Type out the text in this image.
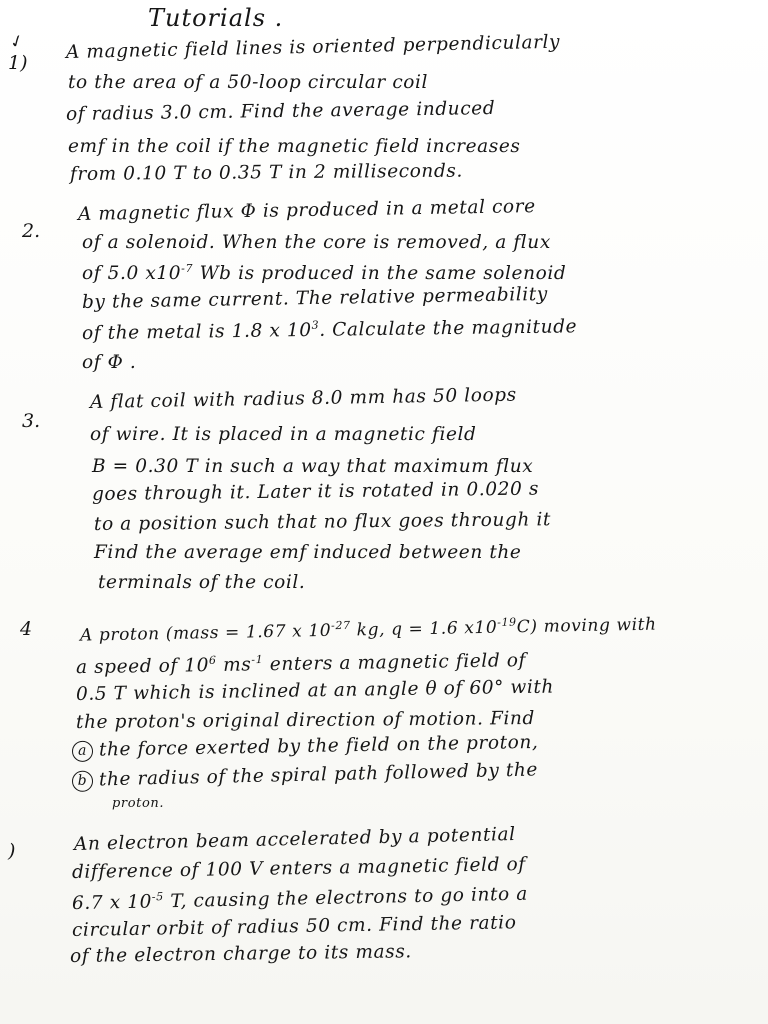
Tutorials .
✓
1)
A magnetic field lines is oriented perpendicularly
to the area of a 50-loop circular coil
of radius 3.0 cm. Find the average induced
emf in the coil if the magnetic field increases
from 0.10 T to 0.35 T in 2 milliseconds.
2.
A magnetic flux Φ is produced in a metal core
of a solenoid. When the core is removed, a flux
of 5.0 $x10^{-7}$ Wb is produced in the same solenoid
by the same current. The relative permeability
of the metal is 1.8 x $10^3$. Calculate the magnitude
of Φ .
3.
A flat coil with radius 8.0 mm has 50 loops
of wire. It is placed in a magnetic field
B = 0.30 T in such a way that maximum flux
goes through it. Later it is rotated in 0.020 s
to a position such that no flux goes through it
Find the average emf induced between the
terminals of the coil.
4	A proton (mass = 1.67 x $10^{-27}$ kg, q = 1.6 $x10^{-19}C$) moving with
a speed of $10^6$ $ms^{-1}$ enters a magnetic field of
0.5 T which is inclined at an angle θ of 60° with
the proton's original direction of motion. Find
a the force exerted by the field on the proton,
b the radius of the spiral path followed by the
proton.
)	An electron beam accelerated by a potential
difference of 100 V enters a magnetic field of
6.7 x $10^{-5}$ T, causing the electrons to go into a
circular orbit of radius 50 cm. Find the ratio
of the electron charge to its mass.
